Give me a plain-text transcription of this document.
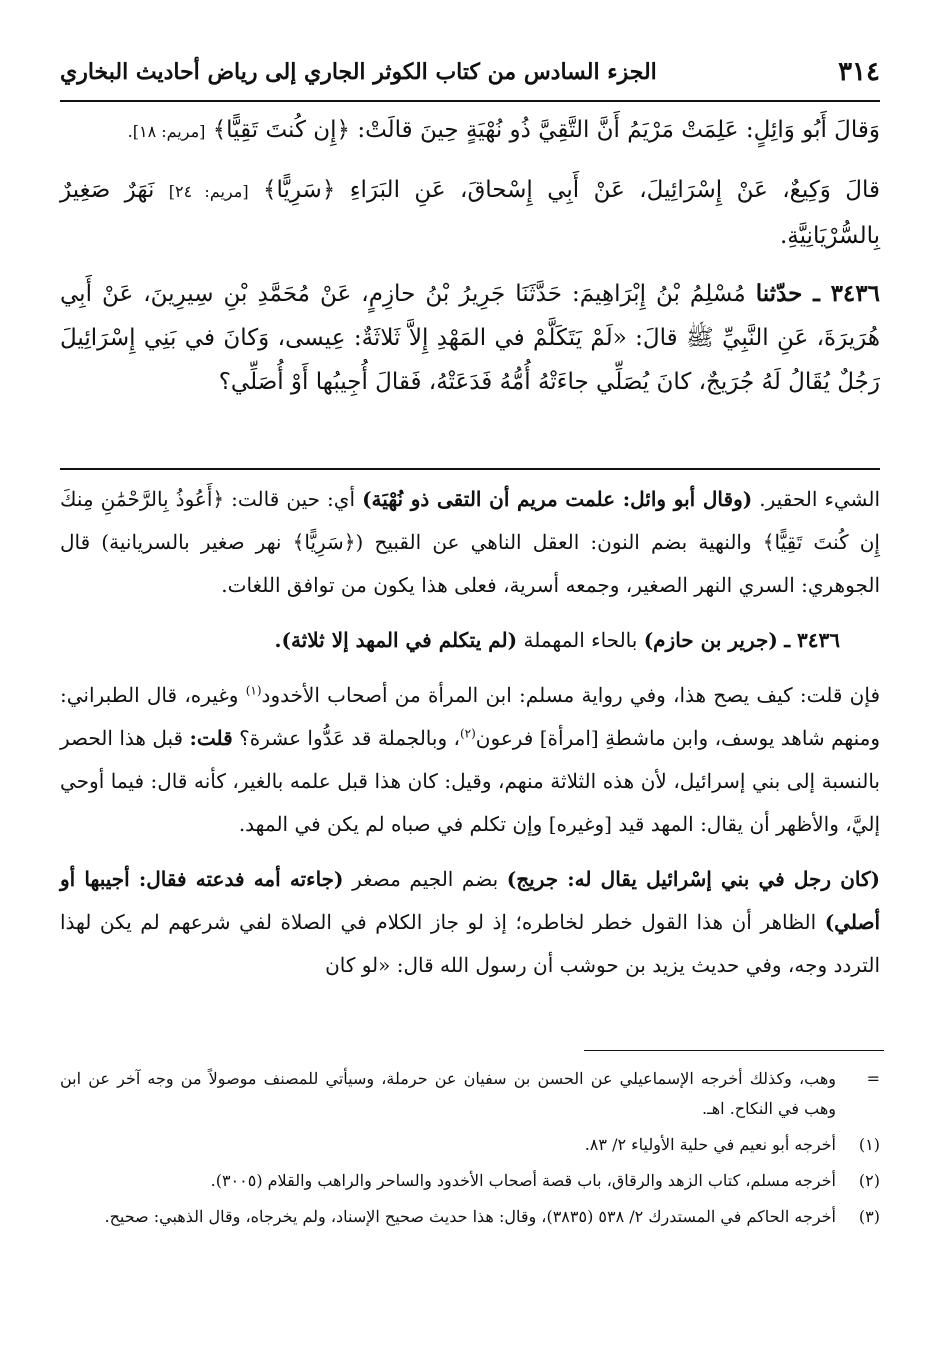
٣١٤
الجزء السادس من كتاب الكوثر الجاري إلى رياض أحاديث البخاري

وَقالَ أَبُو وَائِلٍ: عَلِمَتْ مَرْيَمُ أَنَّ التَّقِيَّ ذُو نُهْيَةٍ حِينَ قالَتْ: ﴿إِن كُنتَ تَقِيًّا﴾ [مريم: ١٨].

قالَ وَكِيعٌ، عَنْ إِسْرَائِيلَ، عَنْ أَبِي إِسْحاقَ، عَنِ البَرَاءِ ﴿سَرِيًّا﴾ [مريم: ٢٤] نَهَرٌ صَغِيرٌ بِالسُّرْيَانِيَّةِ.

٣٤٣٦ ـ حدّثنا مُسْلِمُ بْنُ إِبْرَاهِيمَ: حَدَّثَنَا جَرِيرُ بْنُ حازِمٍ، عَنْ مُحَمَّدِ بْنِ سِيرِينَ، عَنْ أَبِي هُرَيرَةَ، عَنِ النَّبِيِّ ﷺ قالَ: «لَمْ يَتَكَلَّمْ في المَهْدِ إِلاَّ ثَلاثَةٌ: عِيسى، وَكانَ في بَنِي إِسْرَائِيلَ رَجُلٌ يُقَالُ لَهُ جُرَيجٌ، كانَ يُصَلِّي جاءَتْهُ أُمُّهُ فَدَعَتْهُ، فَقالَ أُجِيبُها أَوْ أُصَلِّي؟

الشيء الحقير. (وقال أبو وائل: علمت مريم أن التقى ذو نُهْيَة) أي: حين قالت: ﴿أَعُوذُ بِالرَّحْمَٰنِ مِنكَ إِن كُنتَ تَقِيًّا﴾ والنهية بضم النون: العقل الناهي عن القبيح (﴿سَرِيًّا﴾ نهر صغير بالسريانية) قال الجوهري: السري النهر الصغير، وجمعه أسرية، فعلى هذا يكون من توافق اللغات.

٣٤٣٦ ـ (جرير بن حازم) بالحاء المهملة (لم يتكلم في المهد إلا ثلاثة).

فإن قلت: كيف يصح هذا، وفي رواية مسلم: ابن المرأة من أصحاب الأخدود$^{(١)}$ وغيره، قال الطبراني: ومنهم شاهد يوسف، وابن ماشطةِ [امرأة] فرعون$^{(٢)}$، وبالجملة قد عَدُّوا عشرة؟ قلت: قبل هذا الحصر بالنسبة إلى بني إسرائيل، لأن هذه الثلاثة منهم، وقيل: كان هذا قبل علمه بالغير، كأنه قال: فيما أوحي إليَّ، والأظهر أن يقال: المهد قيد [وغيره] وإن تكلم في صباه لم يكن في المهد.

(كان رجل في بني إسْرائيل يقال له: جريج) بضم الجيم مصغر (جاءته أمه فدعته فقال: أجيبها أو أصلي) الظاهر أن هذا القول خطر لخاطره؛ إذ لو جاز الكلام في الصلاة لفي شرعهم لم يكن لهذا التردد وجه، وفي حديث يزيد بن حوشب أن رسول الله قال: «لو كان

=
وهب، وكذلك أخرجه الإسماعيلي عن الحسن بن سفيان عن حرملة، وسيأتي للمصنف موصولاً من وجه آخر عن ابن وهب في النكاح. اهـ.
(١)
أخرجه أبو نعيم في حلية الأولياء ٢/ ٨٣.
(٢)
أخرجه مسلم، كتاب الزهد والرقاق، باب قصة أصحاب الأخدود والساحر والراهب والقلام (٣٠٠٥).
(٣)
أخرجه الحاكم في المستدرك ٢/ ٥٣٨ (٣٨٣٥)، وقال: هذا حديث صحيح الإسناد، ولم يخرجاه، وقال الذهبي: صحيح.
